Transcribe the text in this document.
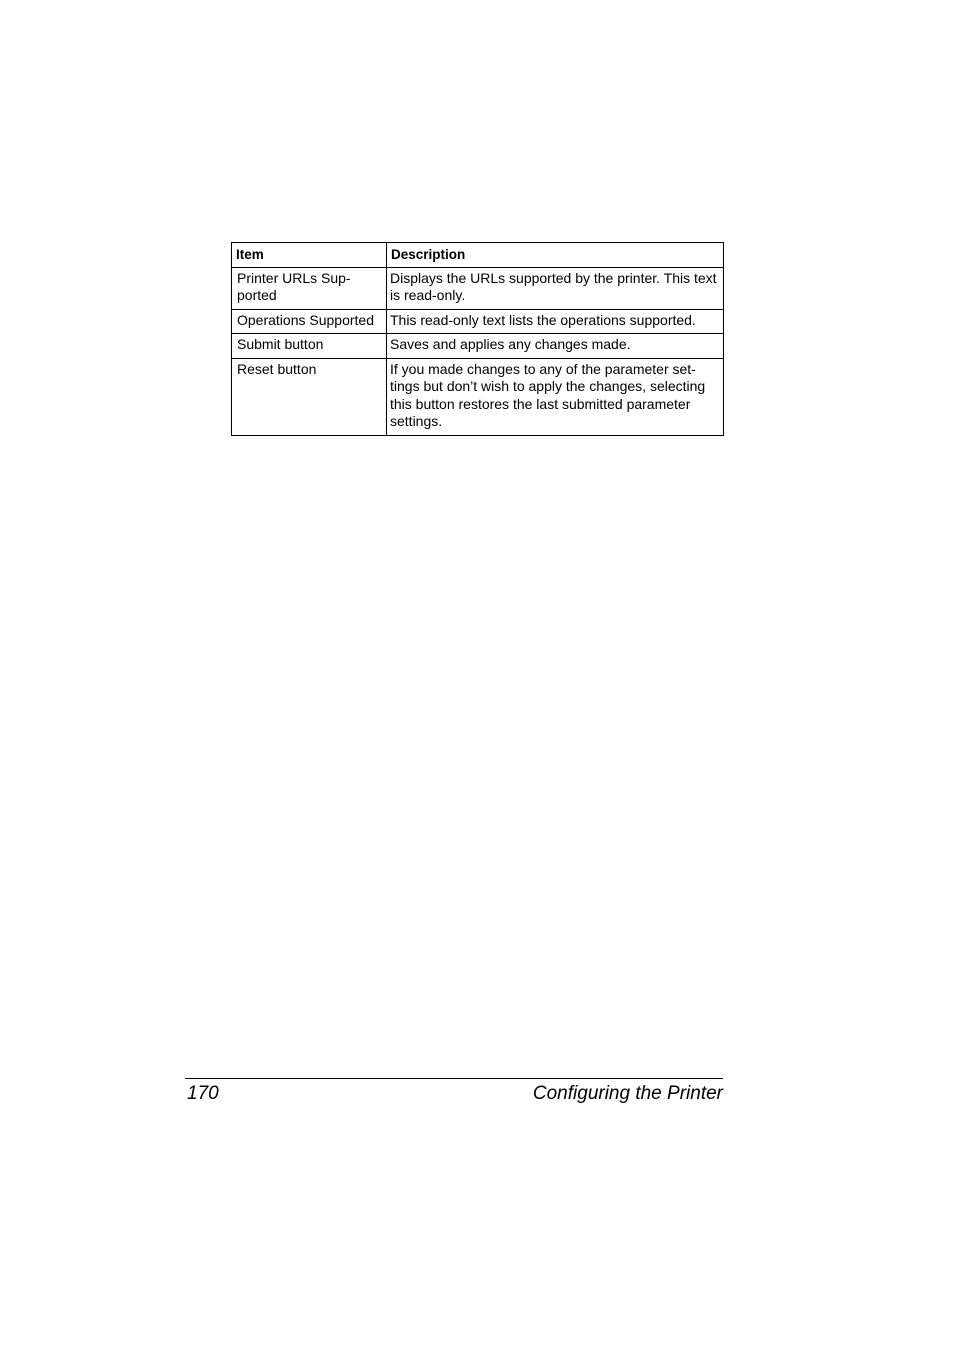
Item	Description
Printer URLs Sup-
ported	Displays the URLs supported by the printer. This text is read-only.
Operations Supported	This read-only text lists the operations supported.
Submit button	Saves and applies any changes made.
Reset button	If you made changes to any of the parameter set-
tings but don’t wish to apply the changes, selecting this button restores the last submitted parameter settings.
170	Configuring the Printer
